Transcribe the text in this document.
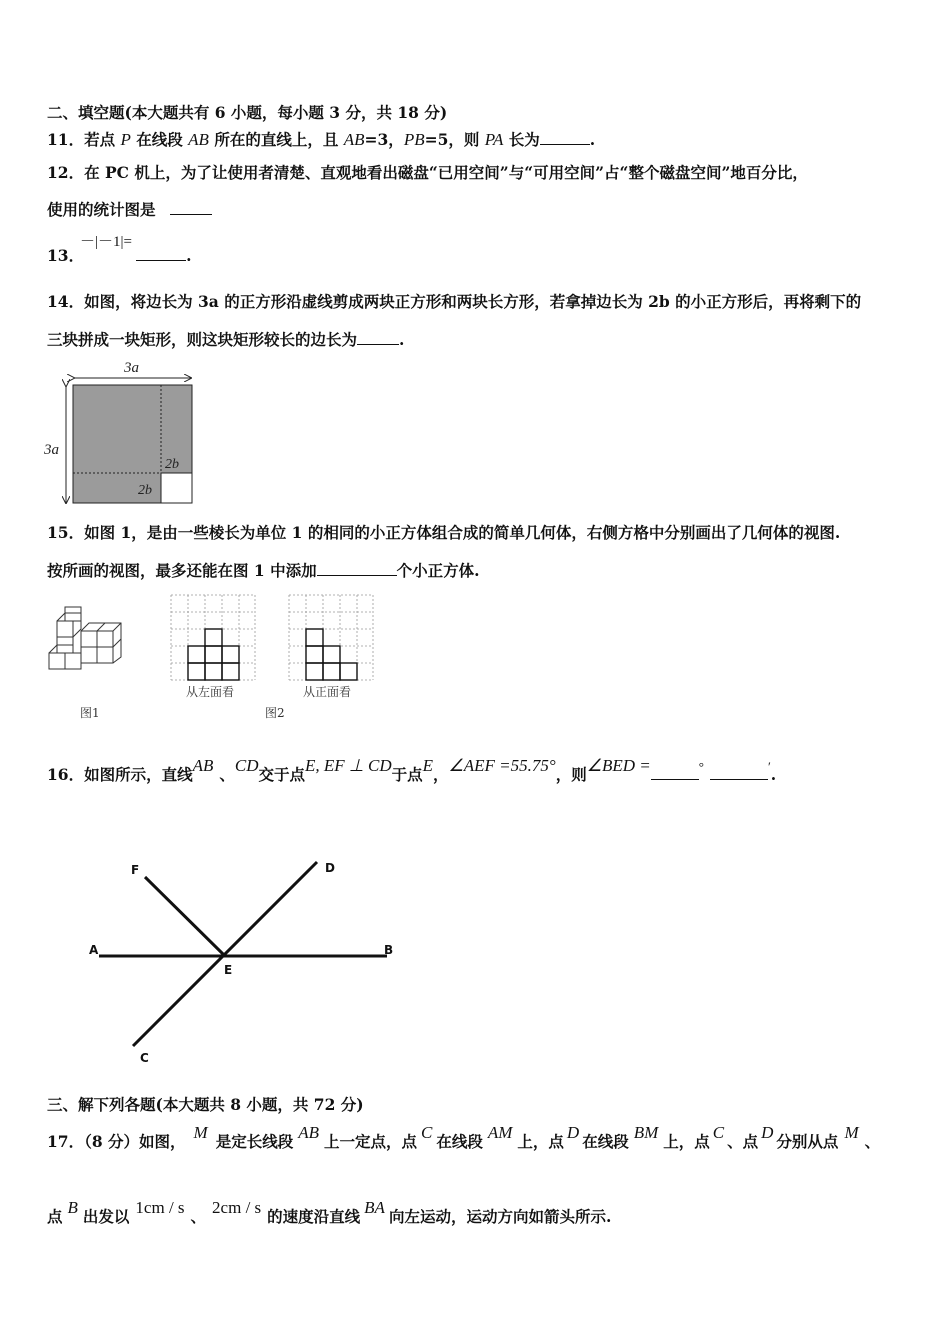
二、填空题(本大题共有 6 小题，每小题 3 分，共 18 分)
11．若点 P 在线段 AB 所在的直线上，且 AB=3，PB=5，则 PA 长为	.
12．在 PC 机上，为了让使用者清楚、直观地看出磁盘“已用空间”与“可用空间”占“整个磁盘空间”地百分比，
使用的统计图是
－|－1|=
13．	.
14．如图，将边长为 3a 的正方形沿虚线剪成两块正方形和两块长方形，若拿掉边长为 2b 的小正方形后，再将剩下的
三块拼成一块矩形，则这块矩形较长的边长为	.
3a
3a
2b
2b
15．如图 1，是由一些棱长为单位 1 的相同的小正方体组合成的简单几何体，右侧方格中分别画出了几何体的视图.
按所画的视图，最多还能在图 1 中添加	个小正方体.
从左面看	从正面看
图1	图2
16．如图所示，直线AB 、CD交于点E, EF ⊥ CD于点E，∠AEF =55.75°，则∠BED =	°	′.
F	D
A	B
E
C
三、解下列各题(本大题共 8 小题，共 72 分)
17．（8 分）如图， M 是定长线段 AB 上一定点，点 C 在线段 AM 上，点 D 在线段 BM 上，点 C 、点 D 分别从点 M 、
点 B 出发以 1cm / s 、 2cm / s 的速度沿直线 BA 向左运动，运动方向如箭头所示.
